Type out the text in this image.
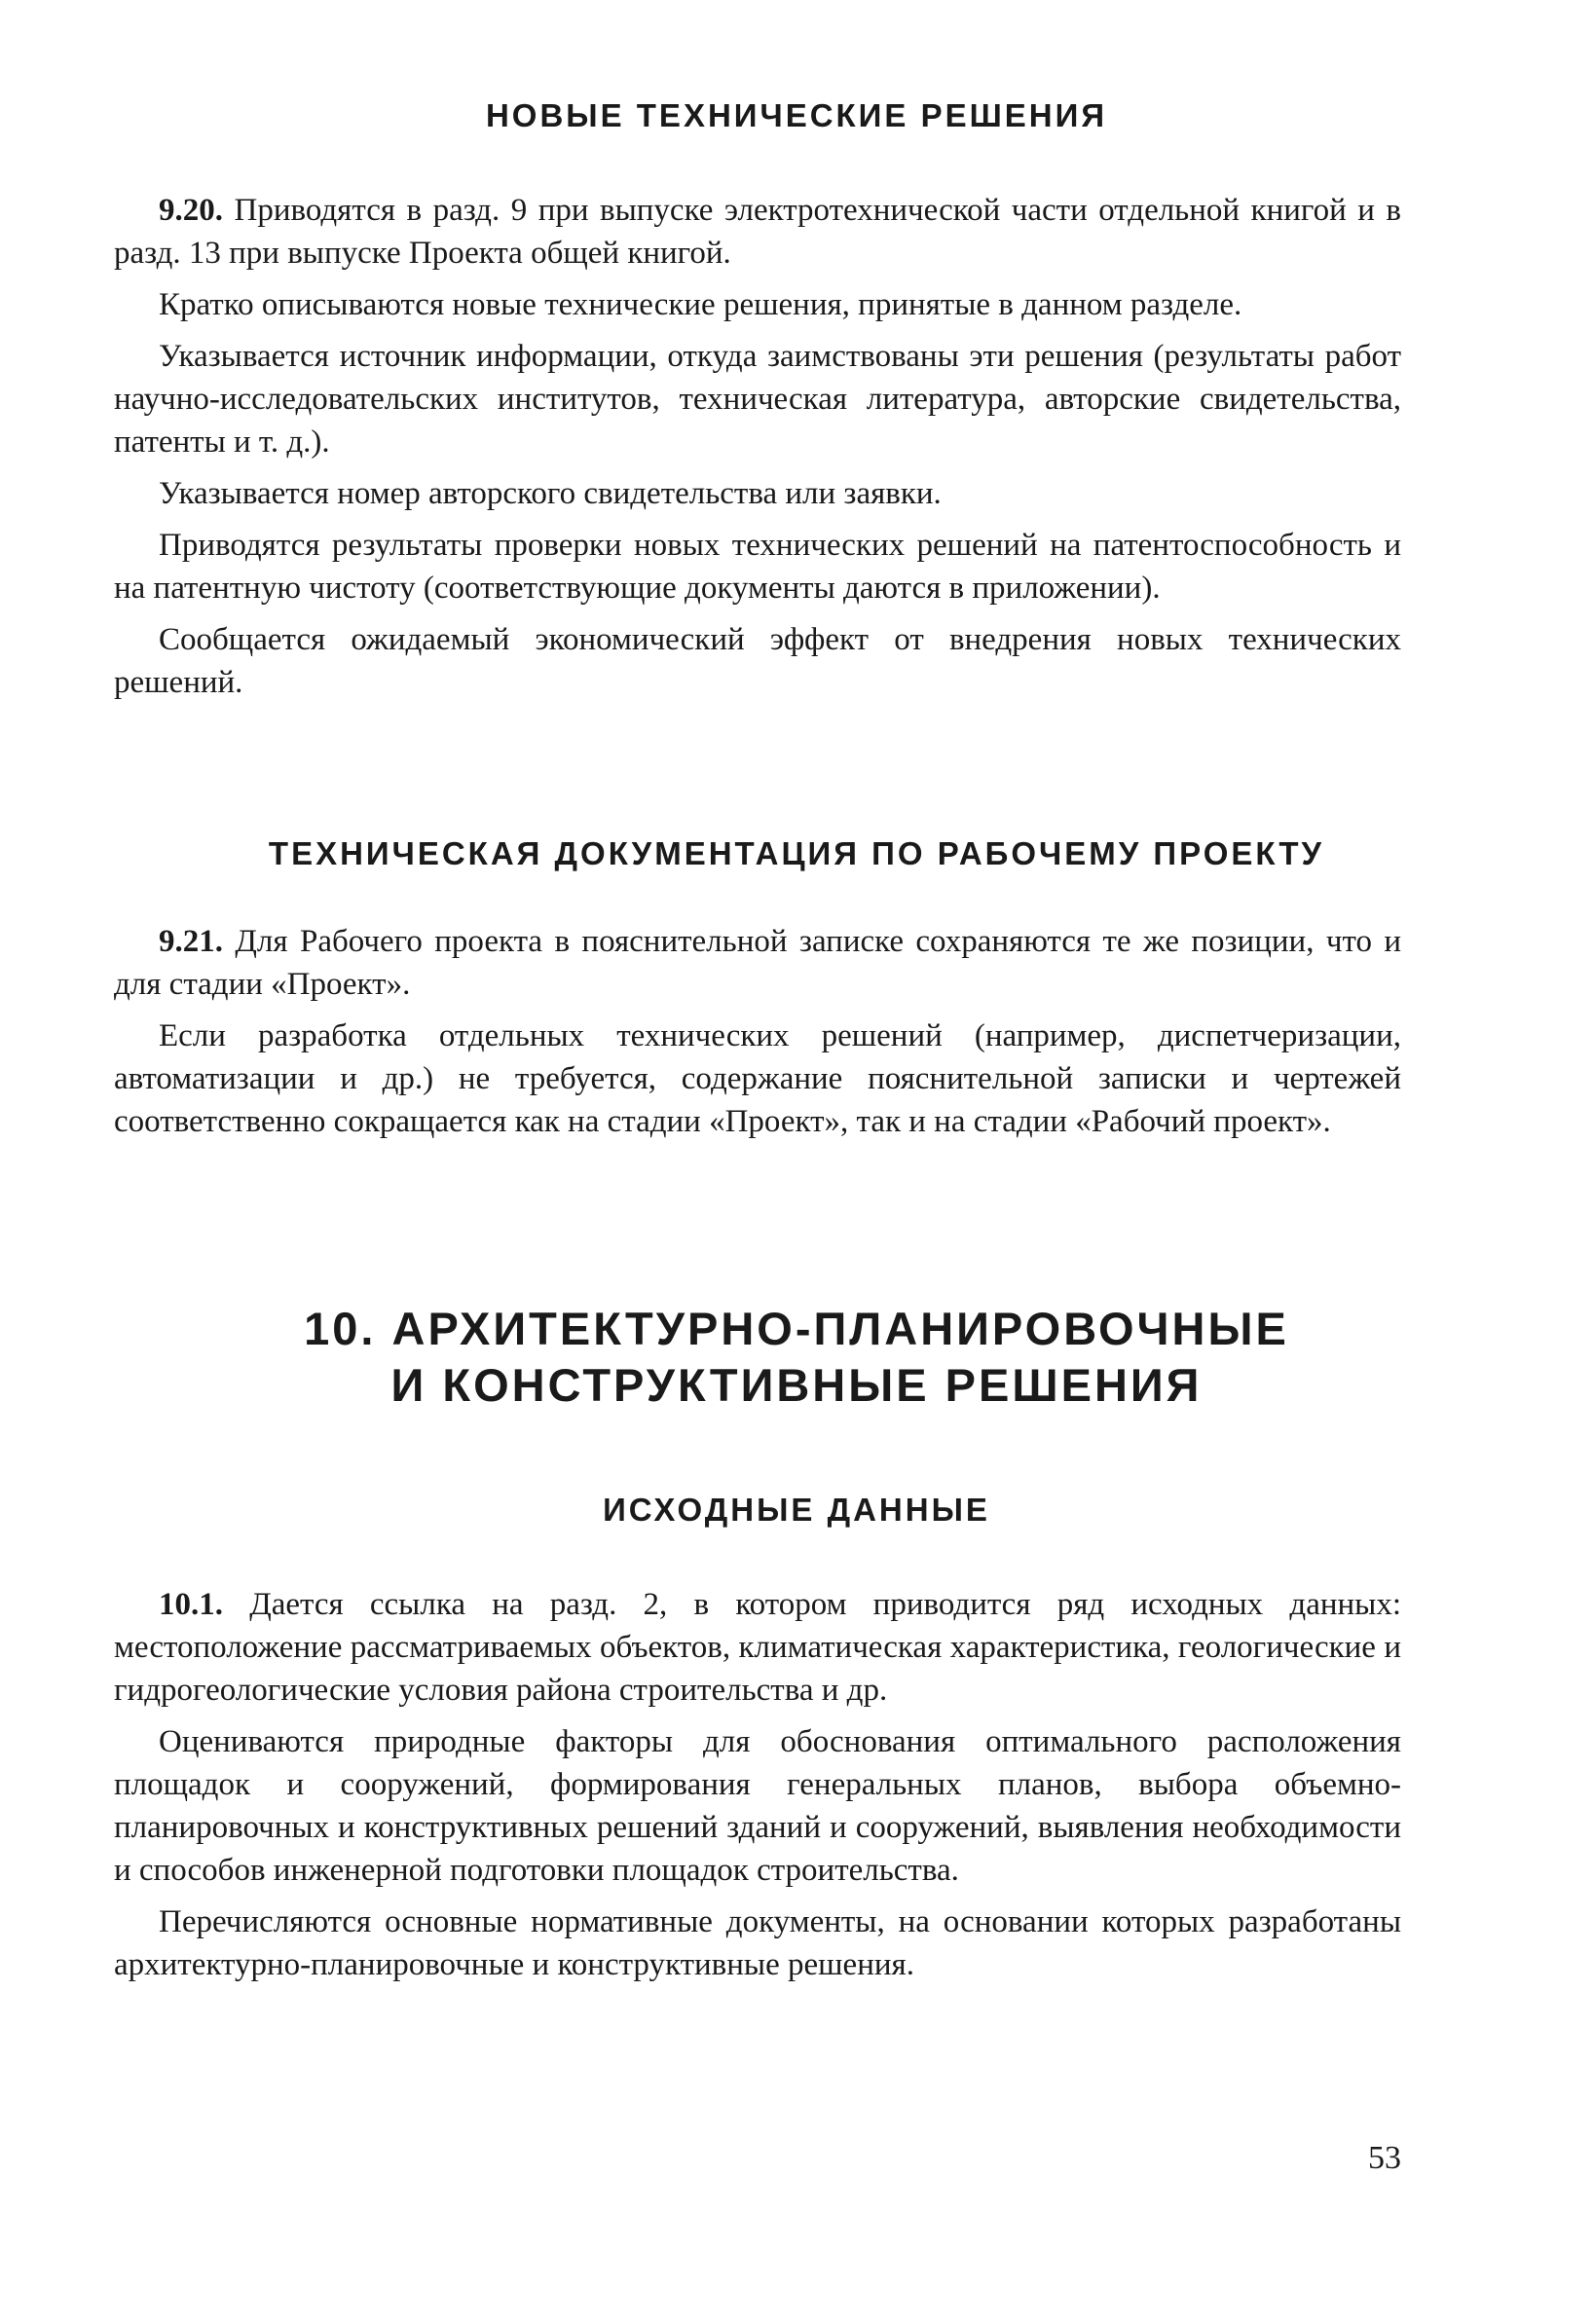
НОВЫЕ ТЕХНИЧЕСКИЕ РЕШЕНИЯ

9.20. Приводятся в разд. 9 при выпуске электротехнической части отдельной книгой и в разд. 13 при выпуске Проекта общей книгой.

Кратко описываются новые технические решения, принятые в данном разделе.

Указывается источник информации, откуда заимствованы эти решения (результаты работ научно-исследовательских институтов, техническая литература, авторские свидетельства, патенты и т. д.).

Указывается номер авторского свидетельства или заявки.

Приводятся результаты проверки новых технических решений на патентоспособность и на патентную чистоту (соответствующие документы даются в приложении).

Сообщается ожидаемый экономический эффект от внедрения новых технических решений.

ТЕХНИЧЕСКАЯ ДОКУМЕНТАЦИЯ ПО РАБОЧЕМУ ПРОЕКТУ

9.21. Для Рабочего проекта в пояснительной записке сохраняются те же позиции, что и для стадии «Проект».

Если разработка отдельных технических решений (например, диспетчеризации, автоматизации и др.) не требуется, содержание пояснительной записки и чертежей соответственно сокращается как на стадии «Проект», так и на стадии «Рабочий проект».

10. АРХИТЕКТУРНО-ПЛАНИРОВОЧНЫЕ
И КОНСТРУКТИВНЫЕ РЕШЕНИЯ
ИСХОДНЫЕ ДАННЫЕ

10.1. Дается ссылка на разд. 2, в котором приводится ряд исходных данных: местоположение рассматриваемых объектов, климатическая характеристика, геологические и гидрогеологические условия района строительства и др.

Оцениваются природные факторы для обоснования оптимального расположения площадок и сооружений, формирования генеральных планов, выбора объемно-планировочных и конструктивных решений зданий и сооружений, выявления необходимости и способов инженерной подготовки площадок строительства.

Перечисляются основные нормативные документы, на основании которых разработаны архитектурно-планировочные и конструктивные решения.

53
